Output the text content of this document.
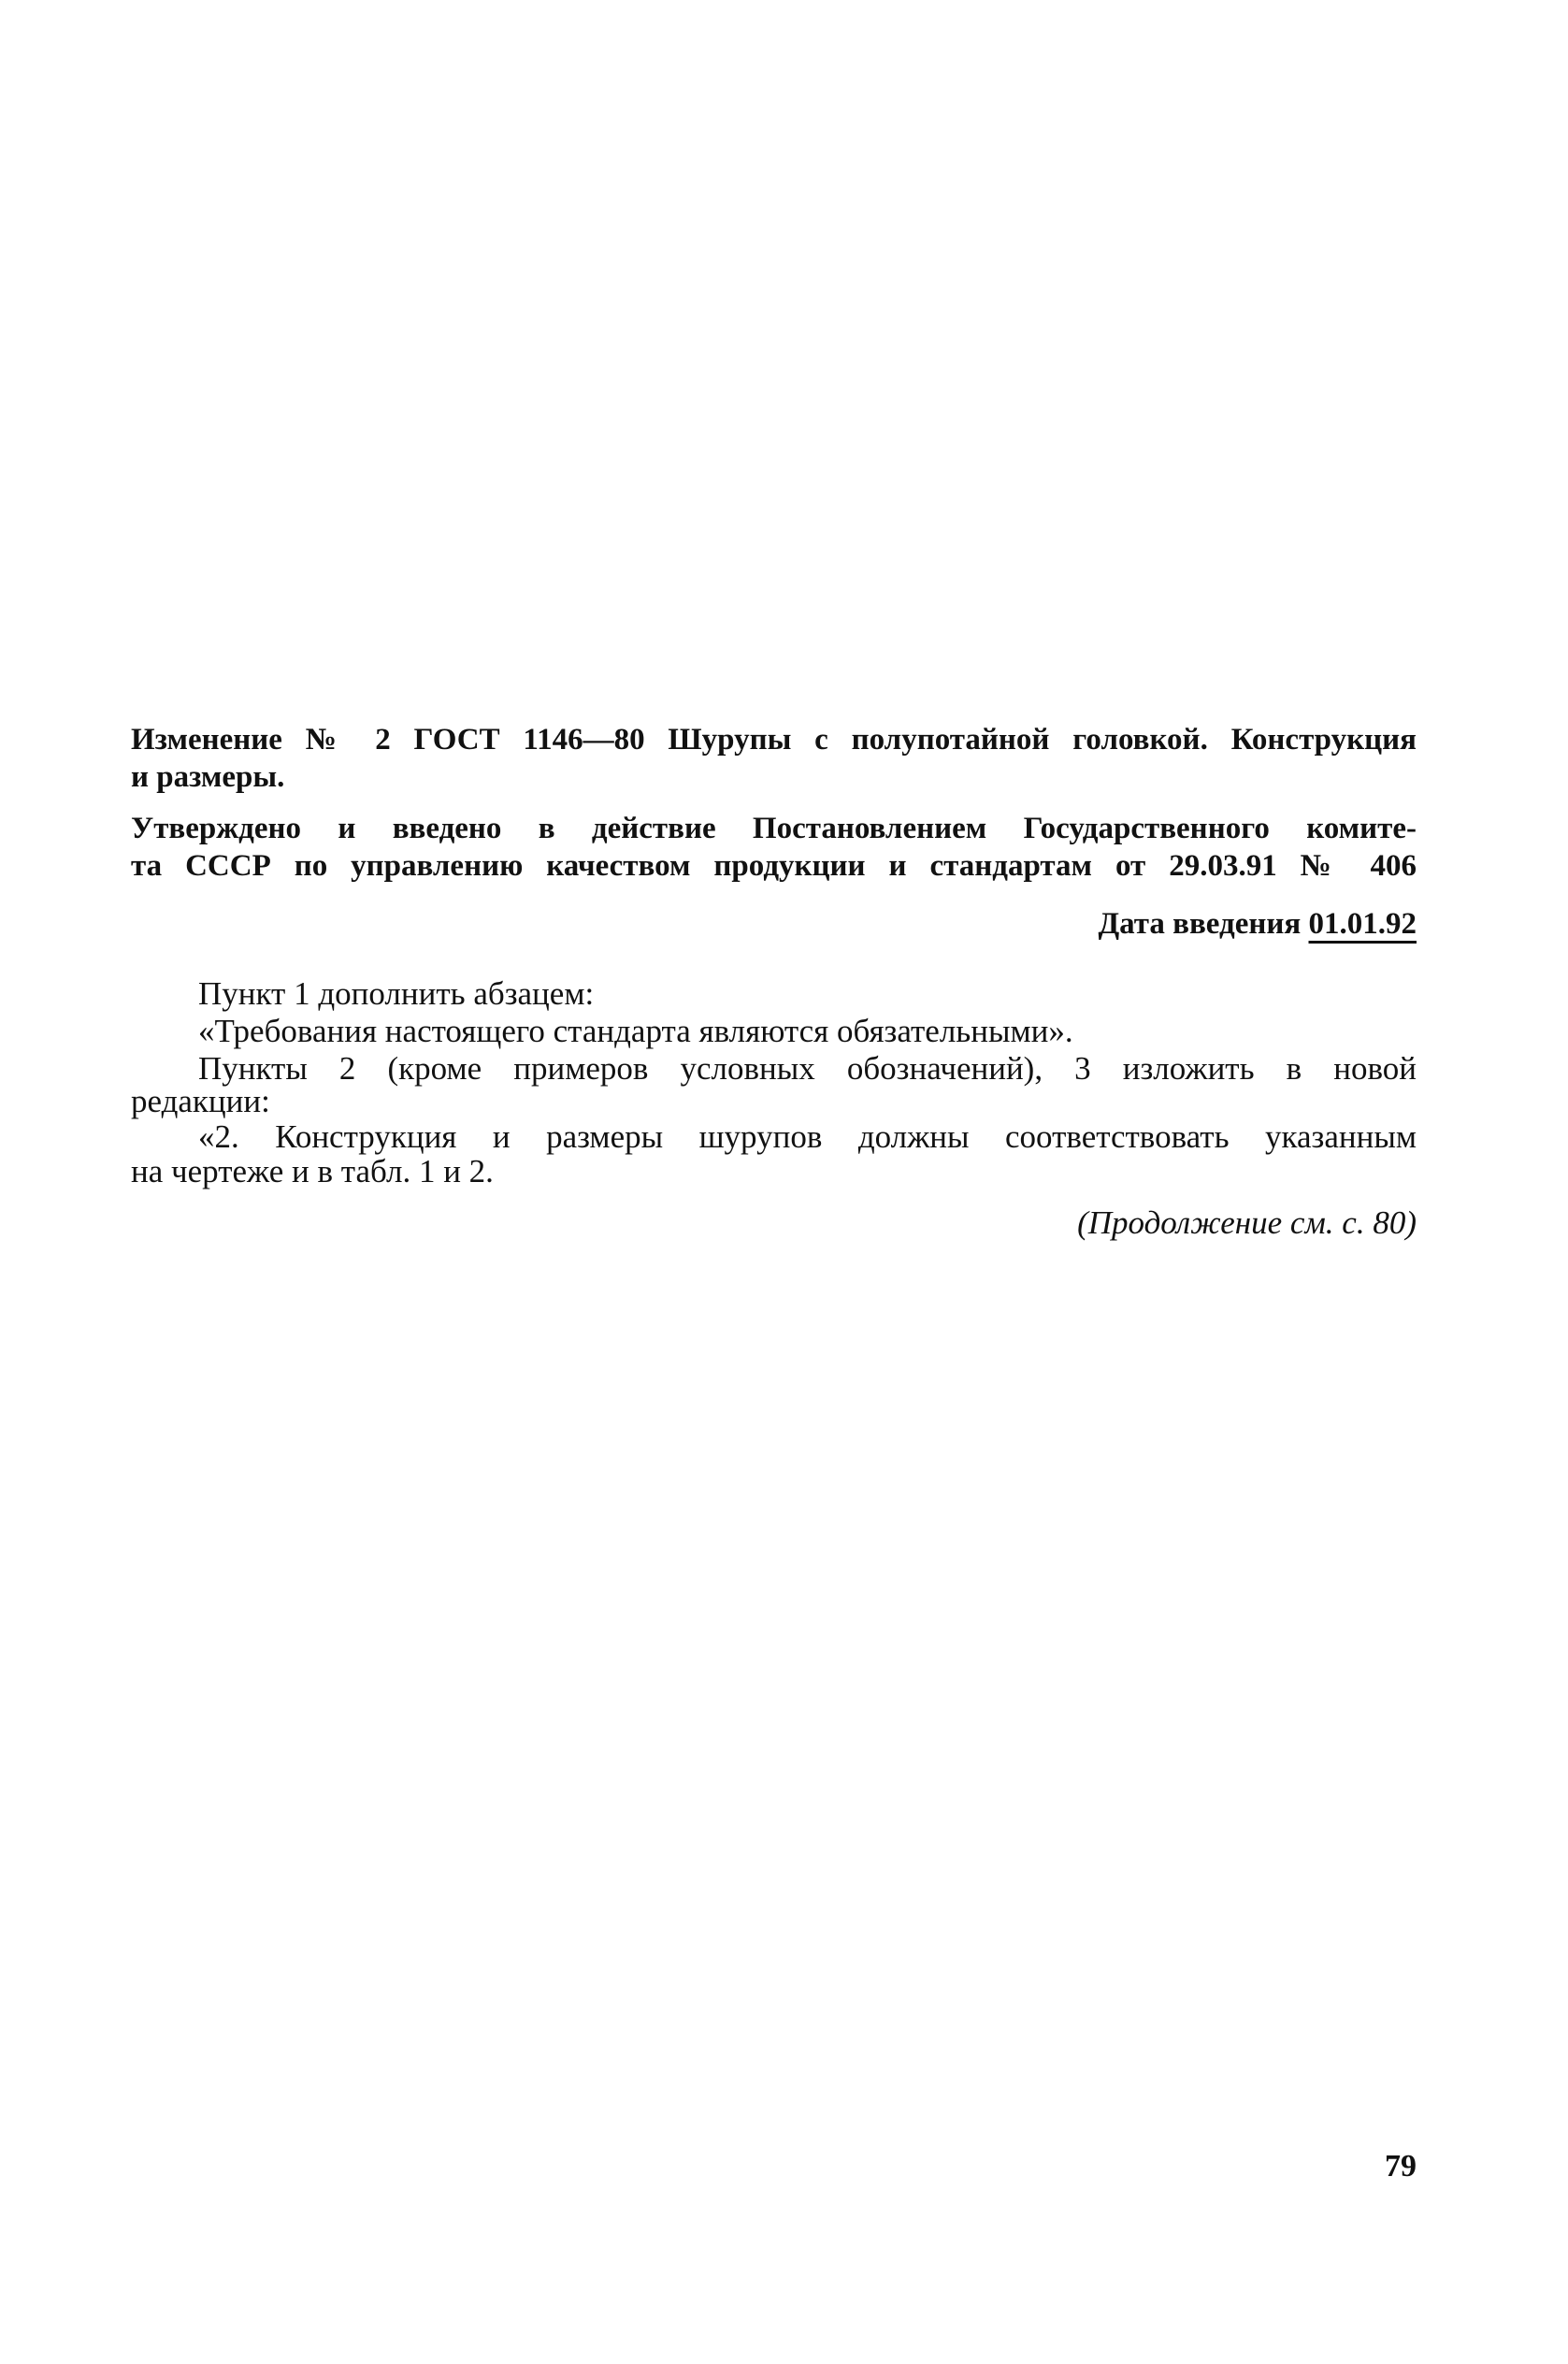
Изменение № 2 ГОСТ 1146—80 Шурупы с полупотайной головкой. Конструкция
и размеры.
Утверждено и введено в действие Постановлением Государственного комите-
та СССР по управлению качеством продукции и стандартам от 29.03.91 № 406
Дата введения 01.01.92
Пункт 1 дополнить абзацем:
«Требования настоящего стандарта являются обязательными».
Пункты 2 (кроме примеров условных обозначений), 3 изложить в новой
редакции:
«2. Конструкция и размеры шурупов должны соответствовать указанным
на чертеже и в табл. 1 и 2.
(Продолжение см. с. 80)
79
